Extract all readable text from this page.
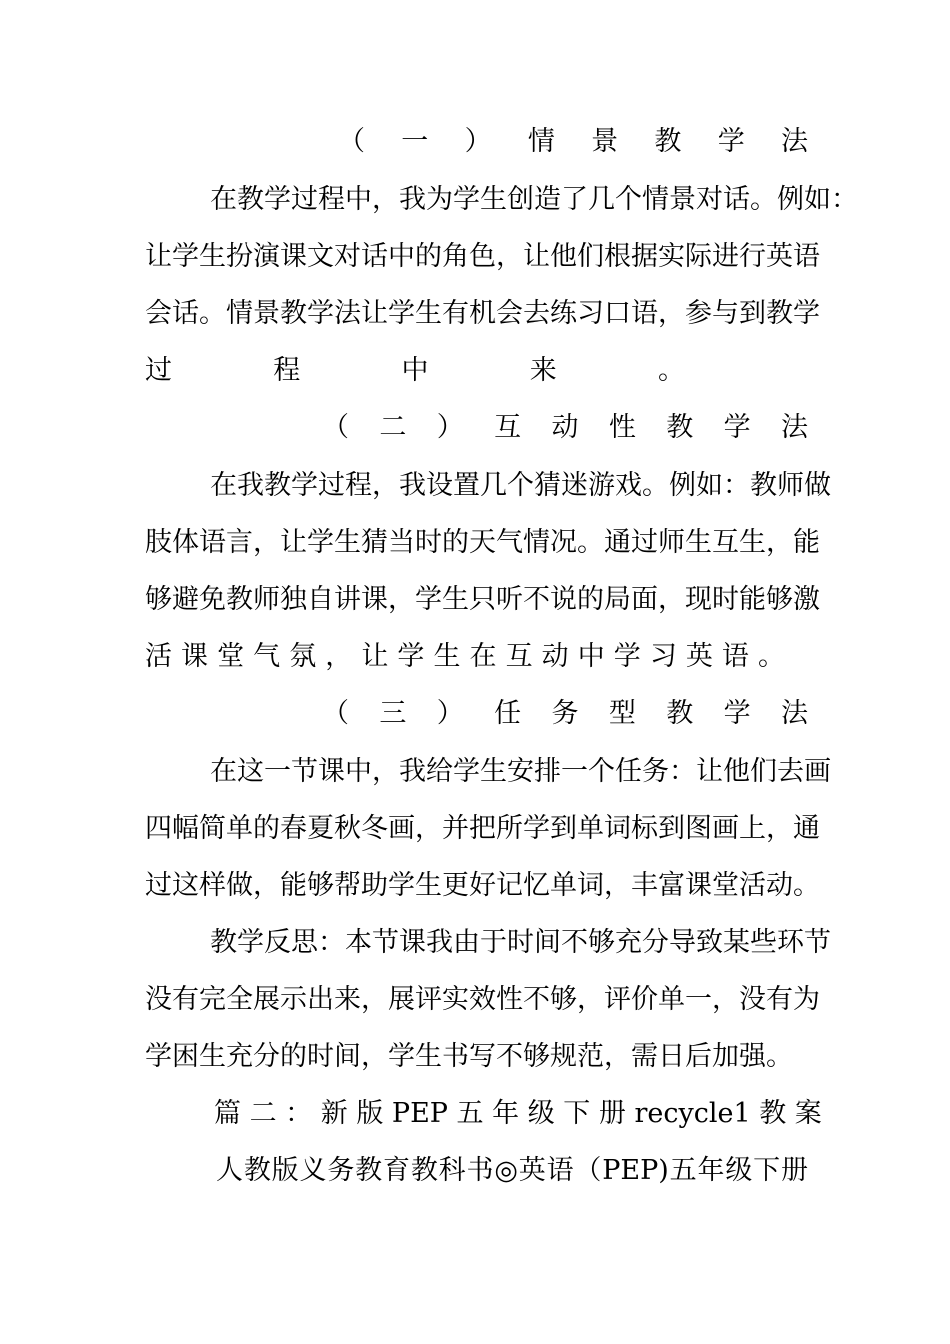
（ 一 ） 情 景 教 学 法
在教学过程中，我为学生创造了几个情景对话。例如：
让学生扮演课文对话中的角色，让他们根据实际进行英语
会话。情景教学法让学生有机会去练习口语，参与到教学
过 程 中 来 。
（ 二 ） 互 动 性 教 学 法
在我教学过程，我设置几个猜迷游戏。例如：教师做
肢体语言，让学生猜当时的天气情况。通过师生互生，能
够避免教师独自讲课，学生只听不说的局面，现时能够激
活 课 堂 气 氛 ， 让 学 生 在 互 动 中 学 习 英 语 。
（ 三 ） 任 务 型 教 学 法
在这一节课中，我给学生安排一个任务：让他们去画
四幅简单的春夏秋冬画，并把所学到单词标到图画上，通
过这样做，能够帮助学生更好记忆单词，丰富课堂活动。
教学反思：本节课我由于时间不够充分导致某些环节
没有完全展示出来，展评实效性不够，评价单一，没有为
学困生充分的时间，学生书写不够规范，需日后加强。
篇 二 ： 新 版 PEP 五 年 级 下 册 recycle1 教 案
人教版义务教育教科书◎英语（PEP)五年级下册
